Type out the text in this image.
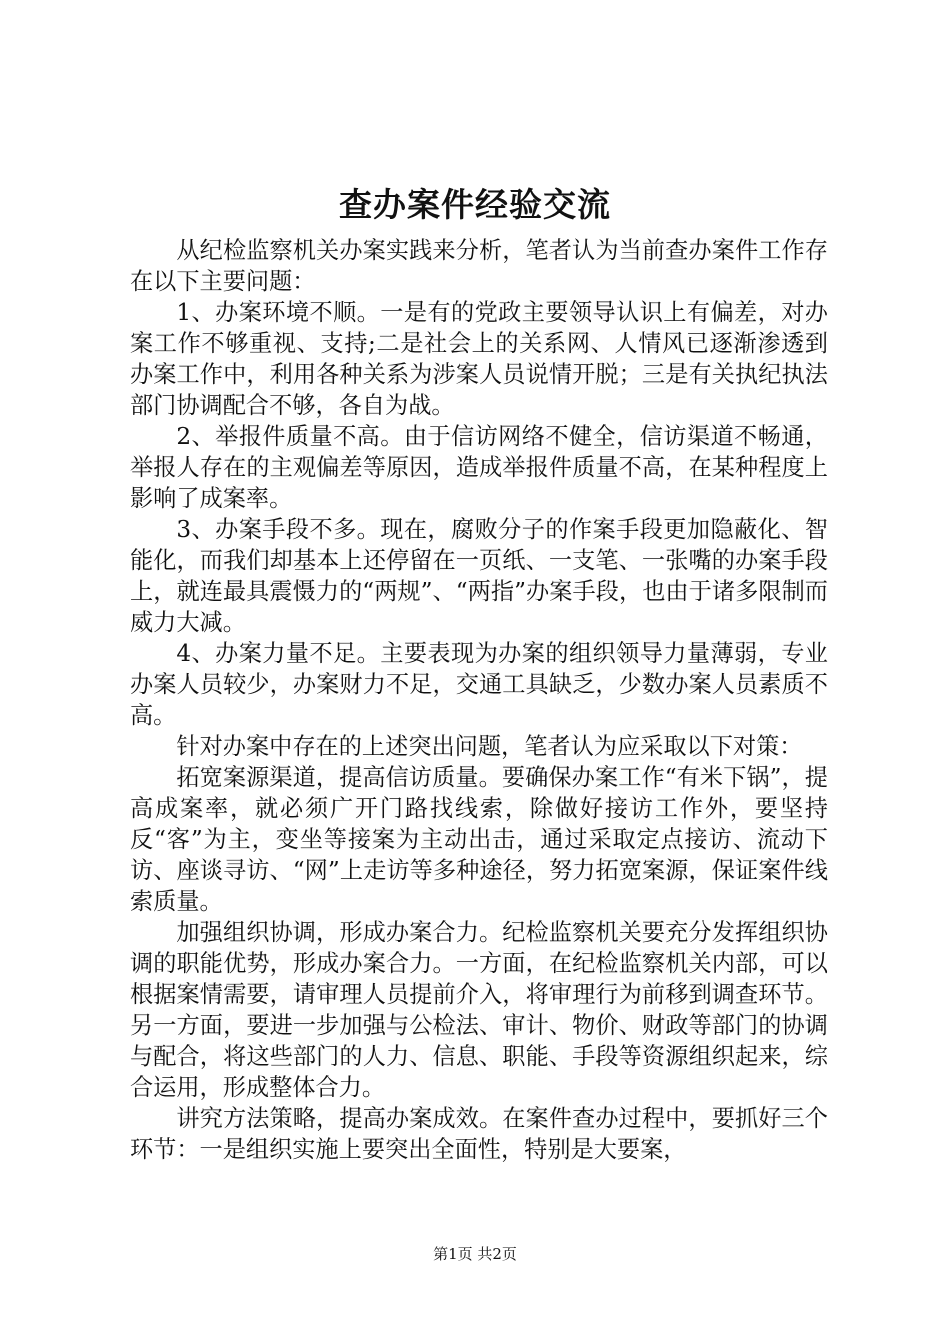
查办案件经验交流

从纪检监察机关办案实践来分析，笔者认为当前查办案件工作存在以下主要问题：

1、办案环境不顺。一是有的党政主要领导认识上有偏差，对办案工作不够重视、支持;二是社会上的关系网、人情风已逐渐渗透到办案工作中，利用各种关系为涉案人员说情开脱；三是有关执纪执法部门协调配合不够，各自为战。

2、举报件质量不高。由于信访网络不健全，信访渠道不畅通，举报人存在的主观偏差等原因，造成举报件质量不高，在某种程度上影响了成案率。

3、办案手段不多。现在，腐败分子的作案手段更加隐蔽化、智能化，而我们却基本上还停留在一页纸、一支笔、一张嘴的办案手段上，就连最具震慑力的“两规”、“两指”办案手段，也由于诸多限制而威力大减。

4、办案力量不足。主要表现为办案的组织领导力量薄弱，专业办案人员较少，办案财力不足，交通工具缺乏，少数办案人员素质不高。

针对办案中存在的上述突出问题，笔者认为应采取以下对策：

拓宽案源渠道，提高信访质量。要确保办案工作“有米下锅”，提高成案率，就必须广开门路找线索，除做好接访工作外，要坚持反“客”为主，变坐等接案为主动出击，通过采取定点接访、流动下访、座谈寻访、“网”上走访等多种途径，努力拓宽案源，保证案件线索质量。

加强组织协调，形成办案合力。纪检监察机关要充分发挥组织协调的职能优势，形成办案合力。一方面，在纪检监察机关内部，可以根据案情需要，请审理人员提前介入，将审理行为前移到调查环节。另一方面，要进一步加强与公检法、审计、物价、财政等部门的协调与配合，将这些部门的人力、信息、职能、手段等资源组织起来，综合运用，形成整体合力。

讲究方法策略，提高办案成效。在案件查办过程中，要抓好三个环节：一是组织实施上要突出全面性，特别是大要案，

第1页 共2页
